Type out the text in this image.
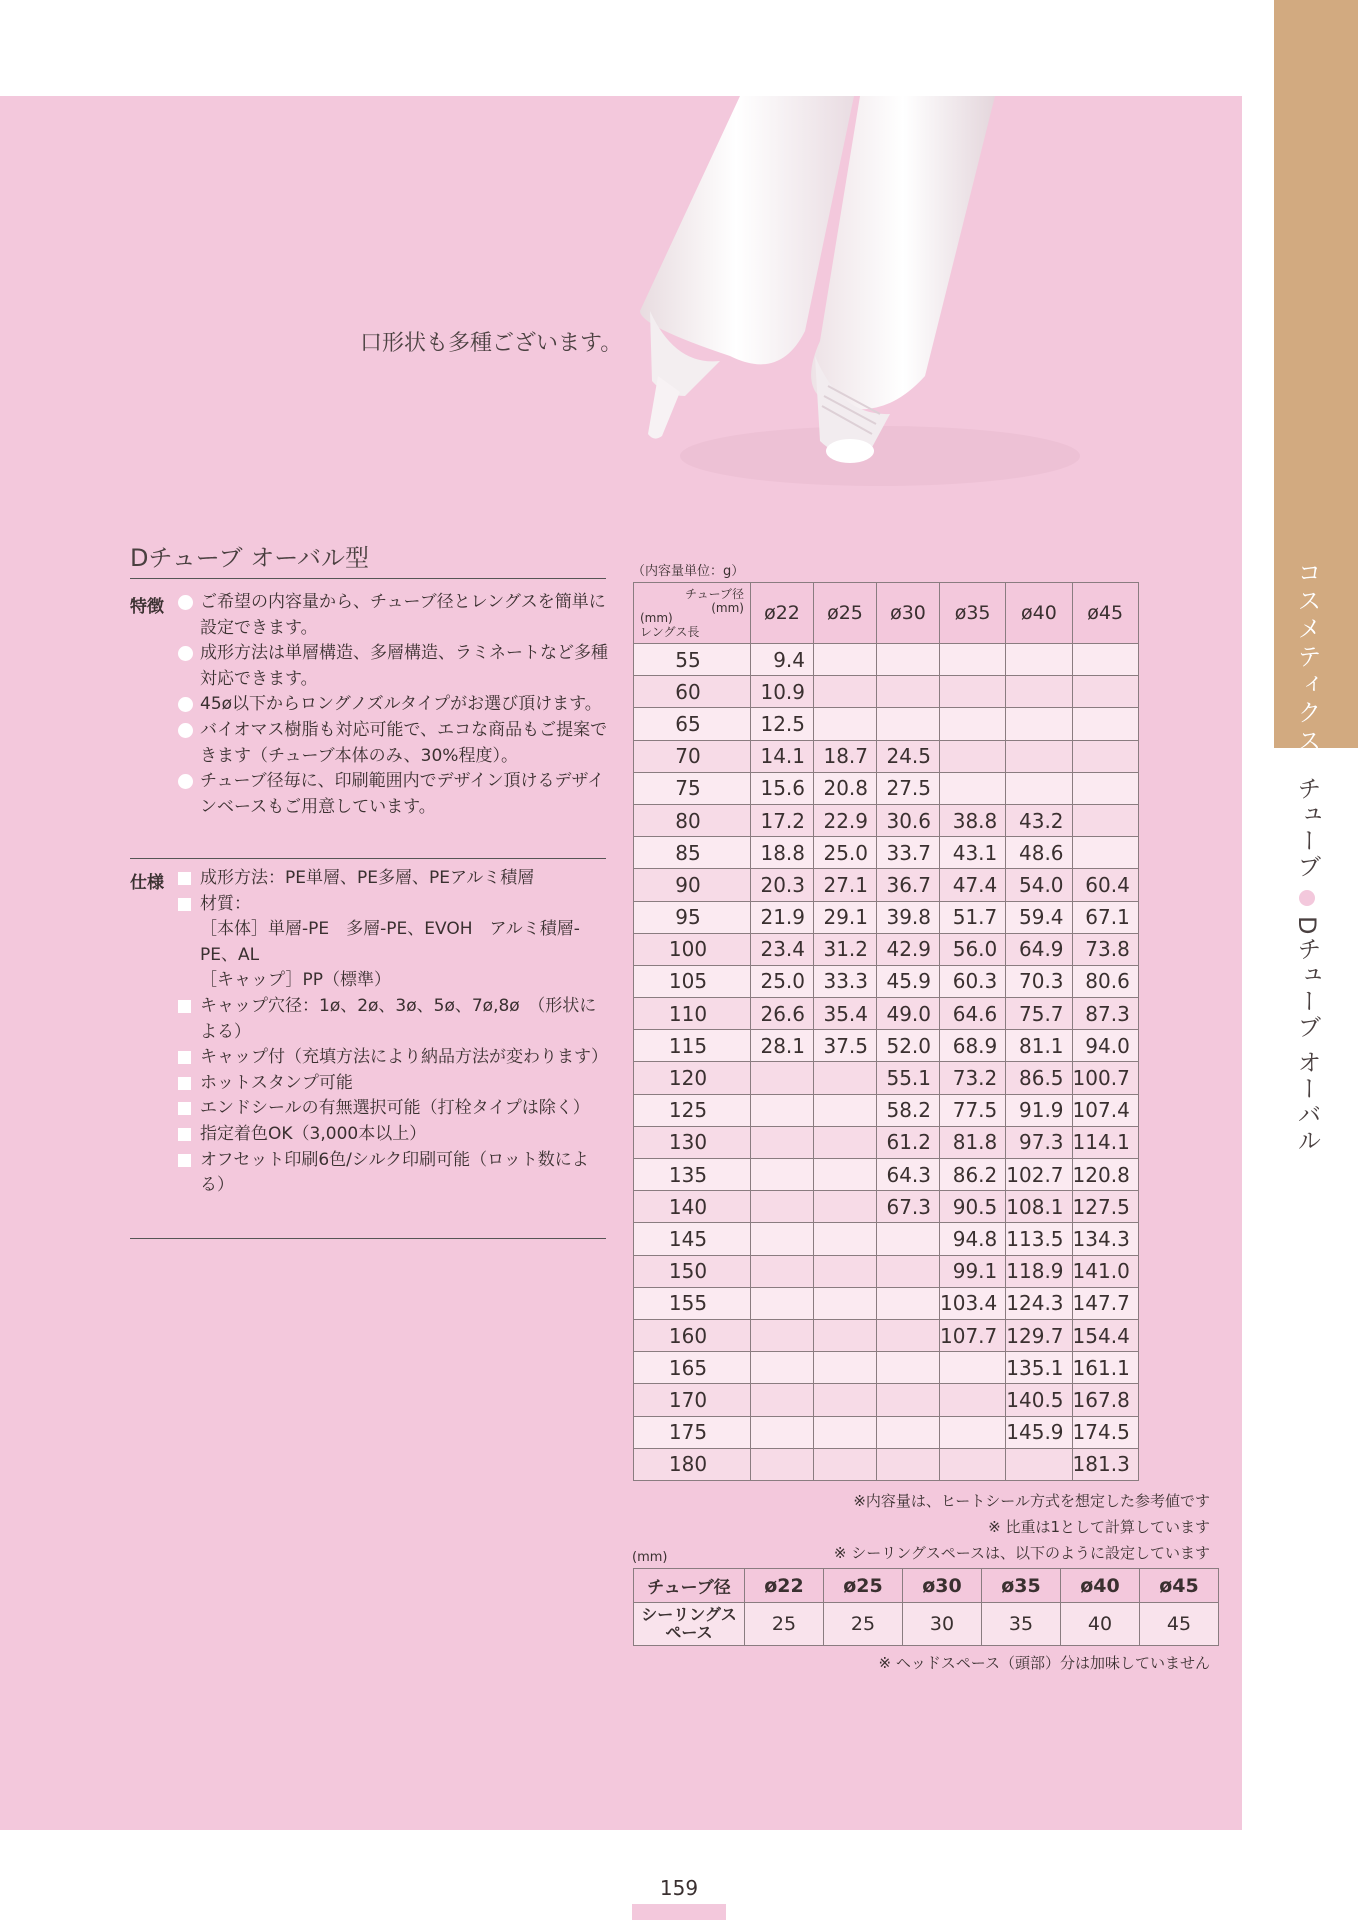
コスメティクス
チューブDチューブ オーバル
口形状も多種ございます。
Dチューブ オーバル型
特徴	ご希望の内容量から、チューブ径とレングスを簡単に設定できます。
成形方法は単層構造、多層構造、ラミネートなど多種対応できます。
45ø以下からロングノズルタイプがお選び頂けます。
バイオマス樹脂も対応可能で、エコな商品もご提案できます（チューブ本体のみ、30%程度）。
チューブ径毎に、印刷範囲内でデザイン頂けるデザインベースもご用意しています。
仕様	成形方法：PE単層、PE多層、PEアルミ積層
材質：
［本体］単層-PE　多層-PE、EVOH　アルミ積層-PE、AL
［キャップ］PP（標準）
キャップ穴径：1ø、2ø、3ø、5ø、7ø,8ø　（形状による）
キャップ付（充填方法により納品方法が変わります）
ホットスタンプ可能
エンドシールの有無選択可能（打栓タイプは除く）
指定着色OK（3,000本以上）
オフセット印刷6色/シルク印刷可能（ロット数による）
（内容量単位：g）
チューブ径
(mm)
(mm)
レングス長	ø22	ø25	ø30	ø35	ø40	ø45
55	9.4					
60	10.9					
65	12.5					
70	14.1	18.7	24.5			
75	15.6	20.8	27.5			
80	17.2	22.9	30.6	38.8	43.2	
85	18.8	25.0	33.7	43.1	48.6	
90	20.3	27.1	36.7	47.4	54.0	60.4
95	21.9	29.1	39.8	51.7	59.4	67.1
100	23.4	31.2	42.9	56.0	64.9	73.8
105	25.0	33.3	45.9	60.3	70.3	80.6
110	26.6	35.4	49.0	64.6	75.7	87.3
115	28.1	37.5	52.0	68.9	81.1	94.0
120			55.1	73.2	86.5	100.7
125			58.2	77.5	91.9	107.4
130			61.2	81.8	97.3	114.1
135			64.3	86.2	102.7	120.8
140			67.3	90.5	108.1	127.5
145				94.8	113.5	134.3
150				99.1	118.9	141.0
155				103.4	124.3	147.7
160				107.7	129.7	154.4
165					135.1	161.1
170					140.5	167.8
175					145.9	174.5
180						181.3
※内容量は、ヒートシール方式を想定した参考値です
※ 比重は1として計算しています
※ シーリングスペースは、以下のように設定しています
(mm)
チューブ径	ø22	ø25	ø30	ø35	ø40	ø45
シーリングスペース	25	25	30	35	40	45
※ ヘッドスペース（頭部）分は加味していません
159
